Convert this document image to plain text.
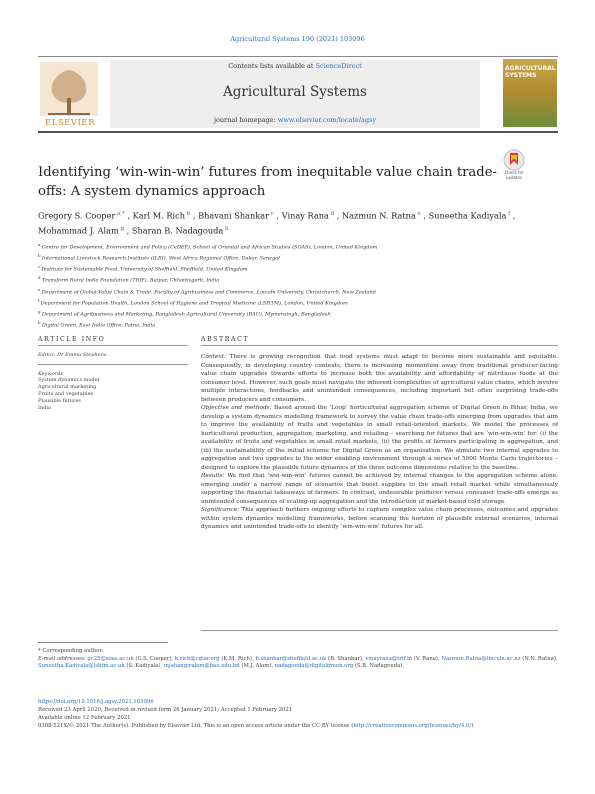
Agricultural Systems 190 (2021) 103096
ELSEVIER
Contents lists available at ScienceDirect
Agricultural Systems
journal homepage: www.elsevier.com/locate/agsy
AGRICULTURAL SYSTEMS
Identifying ‘win-win-win’ futures from inequitable value chain trade-offs: A system dynamics approach
Check for updates
Gregory S. Cooper $^{a,*}$ , Karl M. Rich $^b$ , Bhavani Shankar $^c$ , Vinay Rana $^d$ , Nazmun N. Ratna $^e$ , Suneetha Kadiyala $^f$ , Mohammad J. Alam $^g$ , Sharan B. Nadagouda $^h$
$^a$ Centre for Development, Environment and Policy (CeDEP), School of Oriental and African Studies (SOAS), London, United Kingdom
$^b$ International Livestock Research Institute (ILRI), West Africa Regional Office, Dakar, Senegal
$^c$ Institute for Sustainable Food, University of Sheffield, Sheffield, United Kingdom
$^d$ Transform Rural India Foundation (TRIF), Raipur, Chhattisgarh, India
$^e$ Department of Global Value Chain & Trade, Faculty of Agribusiness and Commerce, Lincoln University, Christchurch, New Zealand
$^f$ Department for Population Health, London School of Hygiene and Tropical Medicine (LSHTM), London, United Kingdom
$^g$ Department of Agribusiness and Marketing, Bangladesh Agricultural University (BAU), Mymensingh, Bangladesh
$^h$ Digital Green, East India Office, Patna, India
ARTICLE INFO	ABSTRACT
Editor: Dr Emma Stephens
Keywords
System dynamics model
Agricultural marketing
Fruits and vegetables
Plausible futures
India

Context: There is growing recognition that food systems must adapt to become more sustainable and equitable. Consequently, in developing country contexts, there is increasing momentum away from traditional producer-facing value chain upgrades towards efforts to increase both the availability and affordability of nutritious foods at the consumer level. However, such goals must navigate the inherent complexities of agricultural value chains, which involve multiple interactions, feedbacks and unintended consequences, including important but often surprising trade-offs between producers and consumers.

Objective and methods: Based around the ‘Loop’ horticultural aggregation scheme of Digital Green in Bihar, India, we develop a system dynamics modelling framework to survey the value chain trade-offs emerging from upgrades that aim to improve the availability of fruits and vegetables in small retail-oriented markets. We model the processes of horticultural production, aggregation, marketing, and retailing – searching for futures that are ‘win-win-win’ for: (i) the availability of fruits and vegetables in small retail markets, (ii) the profits of farmers participating in aggregation, and (iii) the sustainability of the initial scheme for Digital Green as an organisation. We simulate two internal upgrades to aggregation and two upgrades to the wider enabling environment through a series of 5000 Monte Carlo trajectories – designed to explore the plausible future dynamics of the three outcome dimensions relative to the baseline.

Results: We find that ‘win-win-win’ futures cannot be achieved by internal changes to the aggregation scheme alone, emerging under a narrow range of scenarios that boost supplies to the small retail market while simultaneously supporting the financial takeaways of farmers. In contrast, undesirable producer versus consumer trade-offs emerge as unintended consequences of scaling-up aggregation and the introduction of market-based cold storage.

Significance: This approach furthers ongoing efforts to capture complex value chain processes, outcomes and upgrades within system dynamics modelling frameworks, before scanning the horizon of plausible external scenarios, internal dynamics and unintended trade-offs to identify ‘win-win-win’ futures for all.

* Corresponding author.
E-mail addresses: gc25@soas.ac.uk (G.S. Cooper), k.rich@cgiar.org (K.M. Rich), b.shankar@sheffield.ac.uk (B. Shankar), vinayrana@trif.in (V. Rana), Nazmun.Ratna@lincoln.ac.nz (N.N. Ratna), Suneetha.Kadiyala@lshtm.ac.uk (S. Kadiyala), mjahangiralam@bau.edu.bd (M.J. Alam), nadagouda@digitalgreen.org (S.B. Nadagouda).
https://doi.org/10.1016/j.agsy.2021.103096
Received 23 April 2020; Received in revised form 26 January 2021; Accepted 1 February 2021
Available online 12 February 2021
0308-521X/© 2021 The Author(s). Published by Elsevier Ltd. This is an open access article under the CC BY license (http://creativecommons.org/licenses/by/4.0/).
